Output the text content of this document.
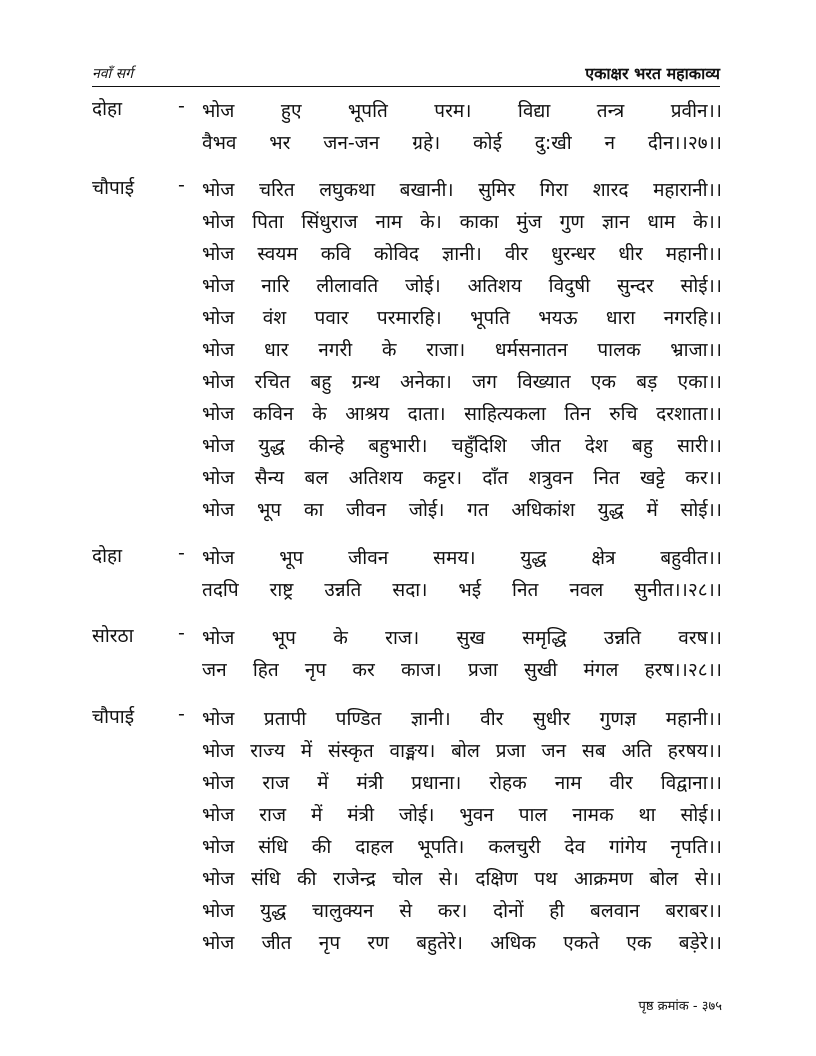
नवाँ सर्ग	एकाक्षर भरत महाकाव्य
दोहा	- भोज हुए भूपति परम। विद्या तन्त्र प्रवीन।।
वैभव भर जन-जन ग्रहे। कोई दु:खी न दीन।।२७।।
चौपाई - भोज चरित लघुकथा बखानी। सुमिर गिरा शारद महारानी।।
भोज पिता सिंधुराज नाम के। काका मुंज गुण ज्ञान धाम के।।
भोज स्वयम कवि कोविद ज्ञानी। वीर धुरन्धर धीर महानी।।
भोज नारि लीलावति जोई। अतिशय विदुषी सुन्दर सोई।।
भोज वंश पवार परमारहि। भूपति भयऊ धारा नगरहि।।
भोज धार नगरी के राजा। धर्मसनातन पालक भ्राजा।।
भोज रचित बहु ग्रन्थ अनेका। जग विख्यात एक बड़ एका।।
भोज कविन के आश्रय दाता। साहित्यकला तिन रुचि दरशाता।।
भोज युद्ध कीन्हे बहुभारी। चहुँदिशि जीत देश बहु सारी।।
भोज सैन्य बल अतिशय कट्टर। दाँत शत्रुवन नित खट्टे कर।।
भोज भूप का जीवन जोई। गत अधिकांश युद्ध में सोई।।
दोहा	- भोज भूप जीवन समय। युद्ध क्षेत्र बहुवीत।।
तदपि राष्ट्र उन्नति सदा। भई नित नवल सुनीत।।२८।।
सोरठा - भोज भूप के राज। सुख समृद्धि उन्नति वरष।।
जन हित नृप कर काज। प्रजा सुखी मंगल हरष।।२८।।
चौपाई - भोज प्रतापी पण्डित ज्ञानी। वीर सुधीर गुणज्ञ महानी।।
भोज राज्य में संस्कृत वाङ्मय। बोल प्रजा जन सब अति हरषय।।
भोज राज में मंत्री प्रधाना। रोहक नाम वीर विद्वाना।।
भोज राज में मंत्री जोई। भुवन पाल नामक था सोई।।
भोज संधि की दाहल भूपति। कलचुरी देव गांगेय नृपति।।
भोज संधि की राजेन्द्र चोल से। दक्षिण पथ आक्रमण बोल से।।
भोज युद्ध चालुक्यन से कर। दोनों ही बलवान बराबर।।
भोज जीत नृप रण बहुतेरे। अधिक एकते एक बड़ेरे।।
पृष्ठ क्रमांक - ३७५
